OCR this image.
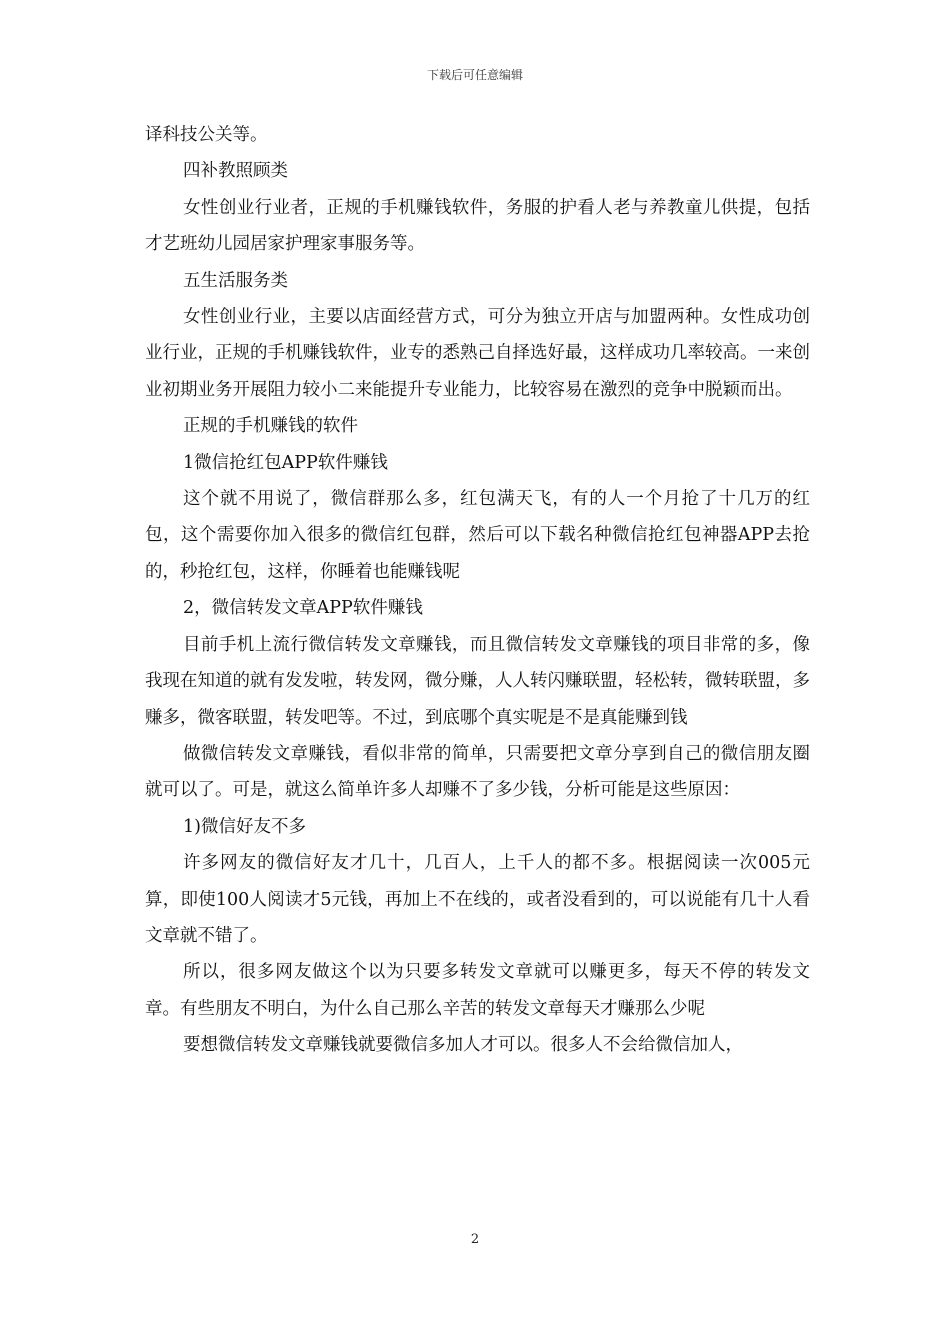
下载后可任意编辑

译科技公关等。

四补教照顾类

女性创业行业者，正规的手机赚钱软件，务服的护看人老与养教童儿供提，包括才艺班幼儿园居家护理家事服务等。

五生活服务类

女性创业行业，主要以店面经营方式，可分为独立开店与加盟两种。女性成功创业行业，正规的手机赚钱软件，业专的悉熟己自择选好最，这样成功几率较高。一来创业初期业务开展阻力较小二来能提升专业能力，比较容易在激烈的竞争中脱颖而出。

正规的手机赚钱的软件

1微信抢红包APP软件赚钱

这个就不用说了，微信群那么多，红包满天飞，有的人一个月抢了十几万的红包，这个需要你加入很多的微信红包群，然后可以下载名种微信抢红包神器APP去抢的，秒抢红包，这样，你睡着也能赚钱呢

2，微信转发文章APP软件赚钱

目前手机上流行微信转发文章赚钱，而且微信转发文章赚钱的项目非常的多，像我现在知道的就有发发啦，转发网，微分赚，人人转闪赚联盟，轻松转，微转联盟，多赚多，微客联盟，转发吧等。不过，到底哪个真实呢是不是真能赚到钱

做微信转发文章赚钱，看似非常的简单，只需要把文章分享到自己的微信朋友圈就可以了。可是，就这么简单许多人却赚不了多少钱，分析可能是这些原因：

1)微信好友不多

许多网友的微信好友才几十，几百人，上千人的都不多。根据阅读一次005元算，即使100人阅读才5元钱，再加上不在线的，或者没看到的，可以说能有几十人看文章就不错了。

所以，很多网友做这个以为只要多转发文章就可以赚更多，每天不停的转发文章。有些朋友不明白，为什么自己那么辛苦的转发文章每天才赚那么少呢

要想微信转发文章赚钱就要微信多加人才可以。很多人不会给微信加人，

2
